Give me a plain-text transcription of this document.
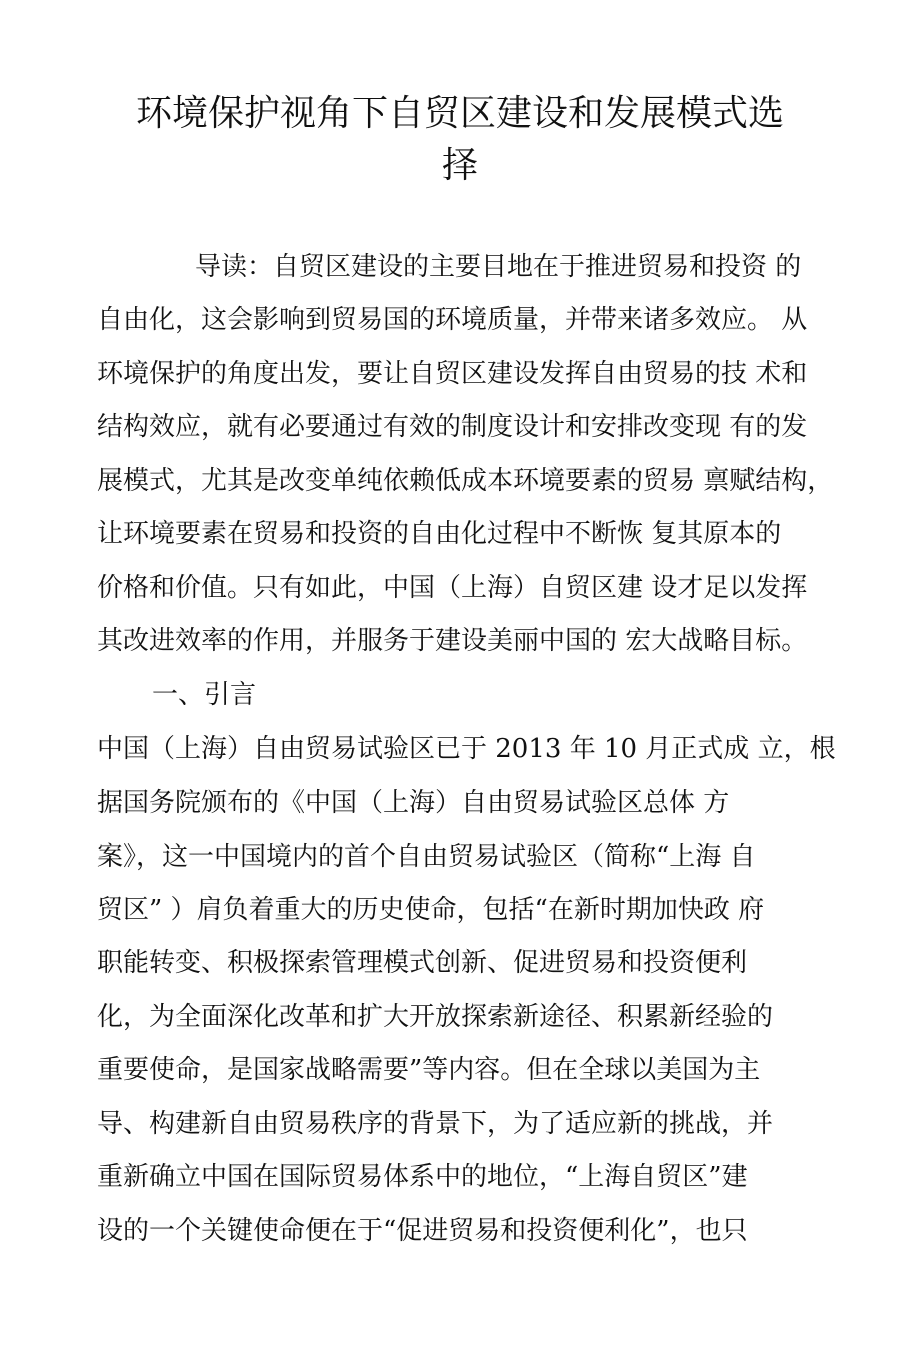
环境保护视角下自贸区建设和发展模式选
择
导读：自贸区建设的主要目地在于推进贸易和投资 的
自由化，这会影响到贸易国的环境质量，并带来诸多效应。 从
环境保护的角度出发，要让自贸区建设发挥自由贸易的技 术和
结构效应，就有必要通过有效的制度设计和安排改变现 有的发
展模式，尤其是改变单纯依赖低成本环境要素的贸易 禀赋结构，
让环境要素在贸易和投资的自由化过程中不断恢 复其原本的
价格和价值。只有如此，中国（上海）自贸区建 设才足以发挥
其改进效率的作用，并服务于建设美丽中国的 宏大战略目标。
一、引言
中国（上海）自由贸易试验区已于 2013 年 10 月正式成 立，根
据国务院颁布的《中国（上海）自由贸易试验区总体 方
案》，这一中国境内的首个自由贸易试验区（简称“上海 自
贸区” ）肩负着重大的历史使命，包括“在新时期加快政 府
职能转变、积极探索管理模式创新、促进贸易和投资便利
化，为全面深化改革和扩大开放探索新途径、积累新经验的
重要使命，是国家战略需要”等内容。但在全球以美国为主
导、构建新自由贸易秩序的背景下，为了适应新的挑战，并
重新确立中国在国际贸易体系中的地位，“上海自贸区”建
设的一个关键使命便在于“促进贸易和投资便利化”，也只
